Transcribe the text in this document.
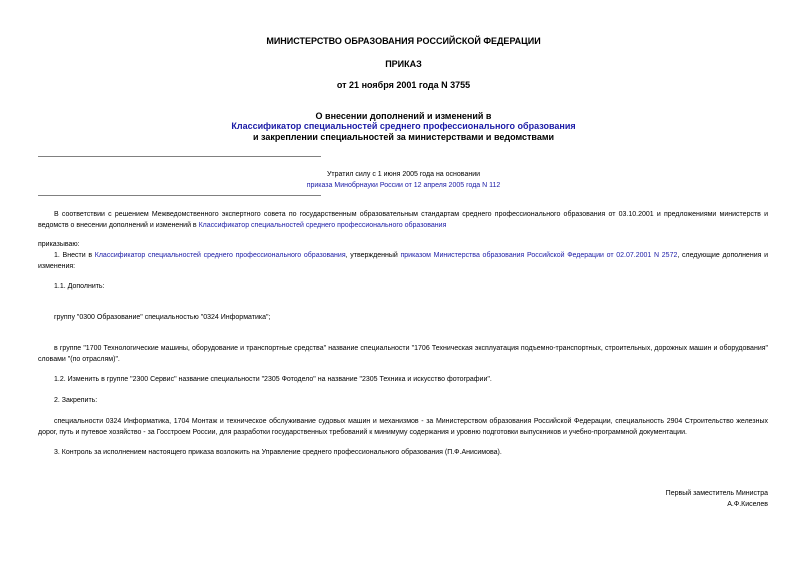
МИНИСТЕРСТВО ОБРАЗОВАНИЯ РОССИЙСКОЙ ФЕДЕРАЦИИ
ПРИКАЗ
от 21 ноября 2001 года N 3755
О внесении дополнений и изменений в
Классификатор специальностей среднего профессионального образования
и закреплении специальностей за министерствами и ведомствами
Утратил силу с 1 июня 2005 года на основании
приказа Минобрнауки России от 12 апреля 2005 года N 112
В соответствии с решением Межведомственного экспертного совета по государственным образовательным стандартам среднего профессионального образования от 03.10.2001 и предложениями министерств и ведомств о внесении дополнений и изменений в Классификатор специальностей среднего профессионального образования
приказываю:
1. Внести в Классификатор специальностей среднего профессионального образования, утвержденный приказом Министерства образования Российской Федерации от 02.07.2001 N 2572, следующие дополнения и изменения:
1.1. Дополнить:
группу "0300 Образование" специальностью "0324 Информатика";
в группе "1700 Технологические машины, оборудование и транспортные средства" название специальности "1706 Техническая эксплуатация подъемно-транспортных, строительных, дорожных машин и оборудования" словами "(по отраслям)".
1.2. Изменить в группе "2300 Сервис" название специальности "2305 Фотодело" на название "2305 Техника и искусство фотографии".
2. Закрепить:
специальности 0324 Информатика, 1704 Монтаж и техническое обслуживание судовых машин и механизмов - за Министерством образования Российской Федерации, специальность 2904 Строительство железных дорог, путь и путевое хозяйство - за Госстроем России, для разработки государственных требований к минимуму содержания и уровню подготовки выпускников и учебно-программной документации.
3. Контроль за исполнением настоящего приказа возложить на Управление среднего профессионального образования (П.Ф.Анисимова).
Первый заместитель Министра
А.Ф.Киселев
